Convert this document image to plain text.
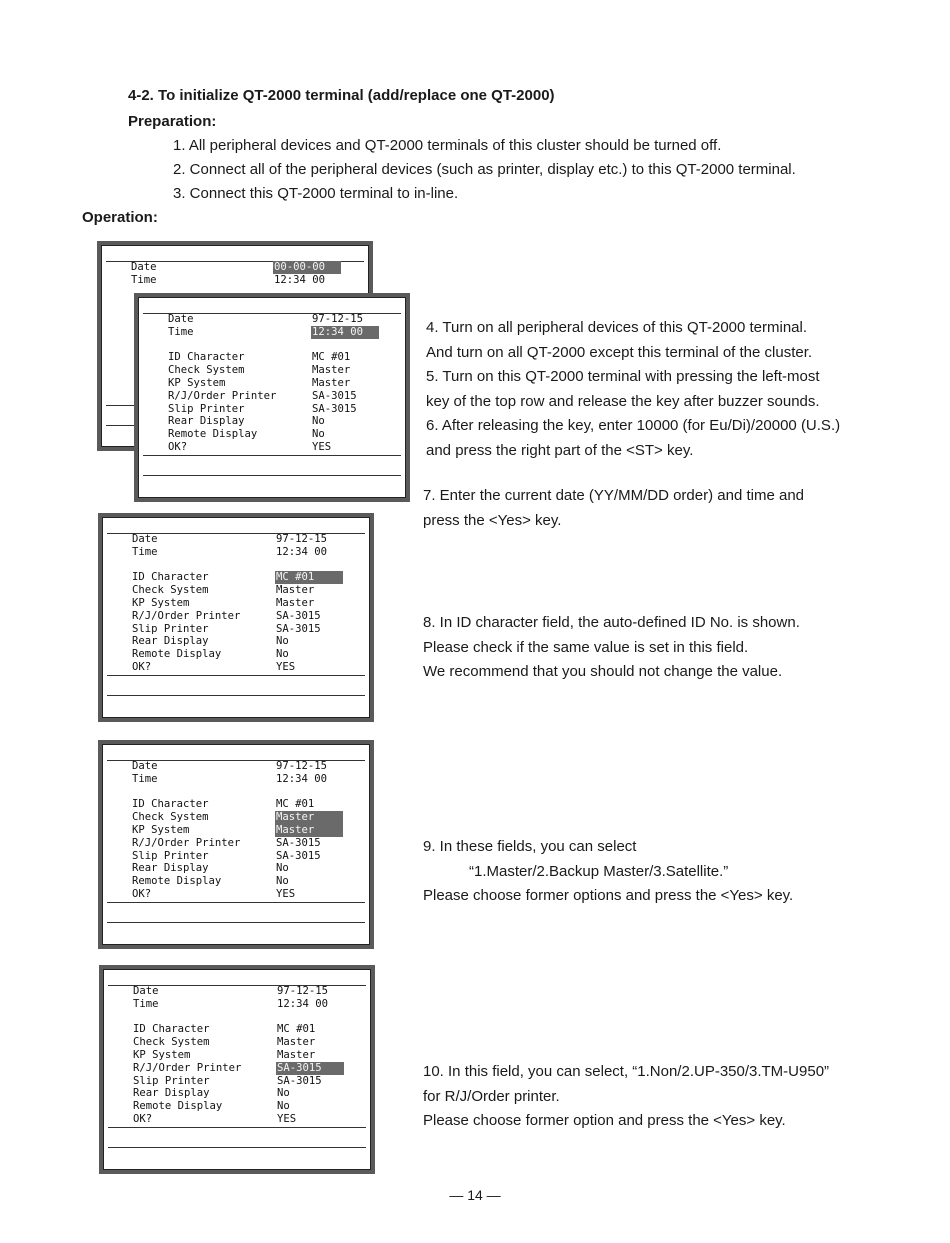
4-2. To initialize QT-2000 terminal (add/replace one QT-2000)
Preparation:
1. All peripheral devices and QT-2000 terminals of this cluster should be turned off.
2. Connect all of the peripheral devices (such as printer, display etc.) to this QT-2000 terminal.
3. Connect this QT-2000 terminal to in-line.
Operation:
Date	00-00-00
Time	12:34 00
Date	97-12-15
Time	12:34 00
ID Character	MC #01
Check System	Master
KP System	Master
R/J/Order Printer	SA-3015
Slip Printer	SA-3015
Rear Display	No
Remote Display	No
OK?	YES
Date	97-12-15
Time	12:34 00
ID Character	MC #01
Check System	Master
KP System	Master
R/J/Order Printer	SA-3015
Slip Printer	SA-3015
Rear Display	No
Remote Display	No
OK?	YES
Date	97-12-15
Time	12:34 00
ID Character	MC #01
Check System	Master
KP System	Master
R/J/Order Printer	SA-3015
Slip Printer	SA-3015
Rear Display	No
Remote Display	No
OK?	YES
Date	97-12-15
Time	12:34 00
ID Character	MC #01
Check System	Master
KP System	Master
R/J/Order Printer	SA-3015
Slip Printer	SA-3015
Rear Display	No
Remote Display	No
OK?	YES
4. Turn on all peripheral devices of this QT-2000 terminal.
And turn on all QT-2000 except this terminal of the cluster.
5. Turn on this QT-2000 terminal with pressing the left-most
key of the top row and release the key after buzzer sounds.
6. After releasing the key, enter 10000 (for Eu/Di)/20000 (U.S.)
and press the right part of the <ST> key.
7. Enter the current date (YY/MM/DD order) and time and
press the <Yes> key.
8. In ID character field, the auto-defined ID No. is shown.
Please check if the same value is set in this field.
We recommend that you should not change the value.
9. In these fields, you can select
“1.Master/2.Backup Master/3.Satellite.”
Please choose former options and press the <Yes> key.
10. In this field, you can select, “1.Non/2.UP-350/3.TM-U950”
for R/J/Order printer.
Please choose former option and press the <Yes> key.
— 14 —
